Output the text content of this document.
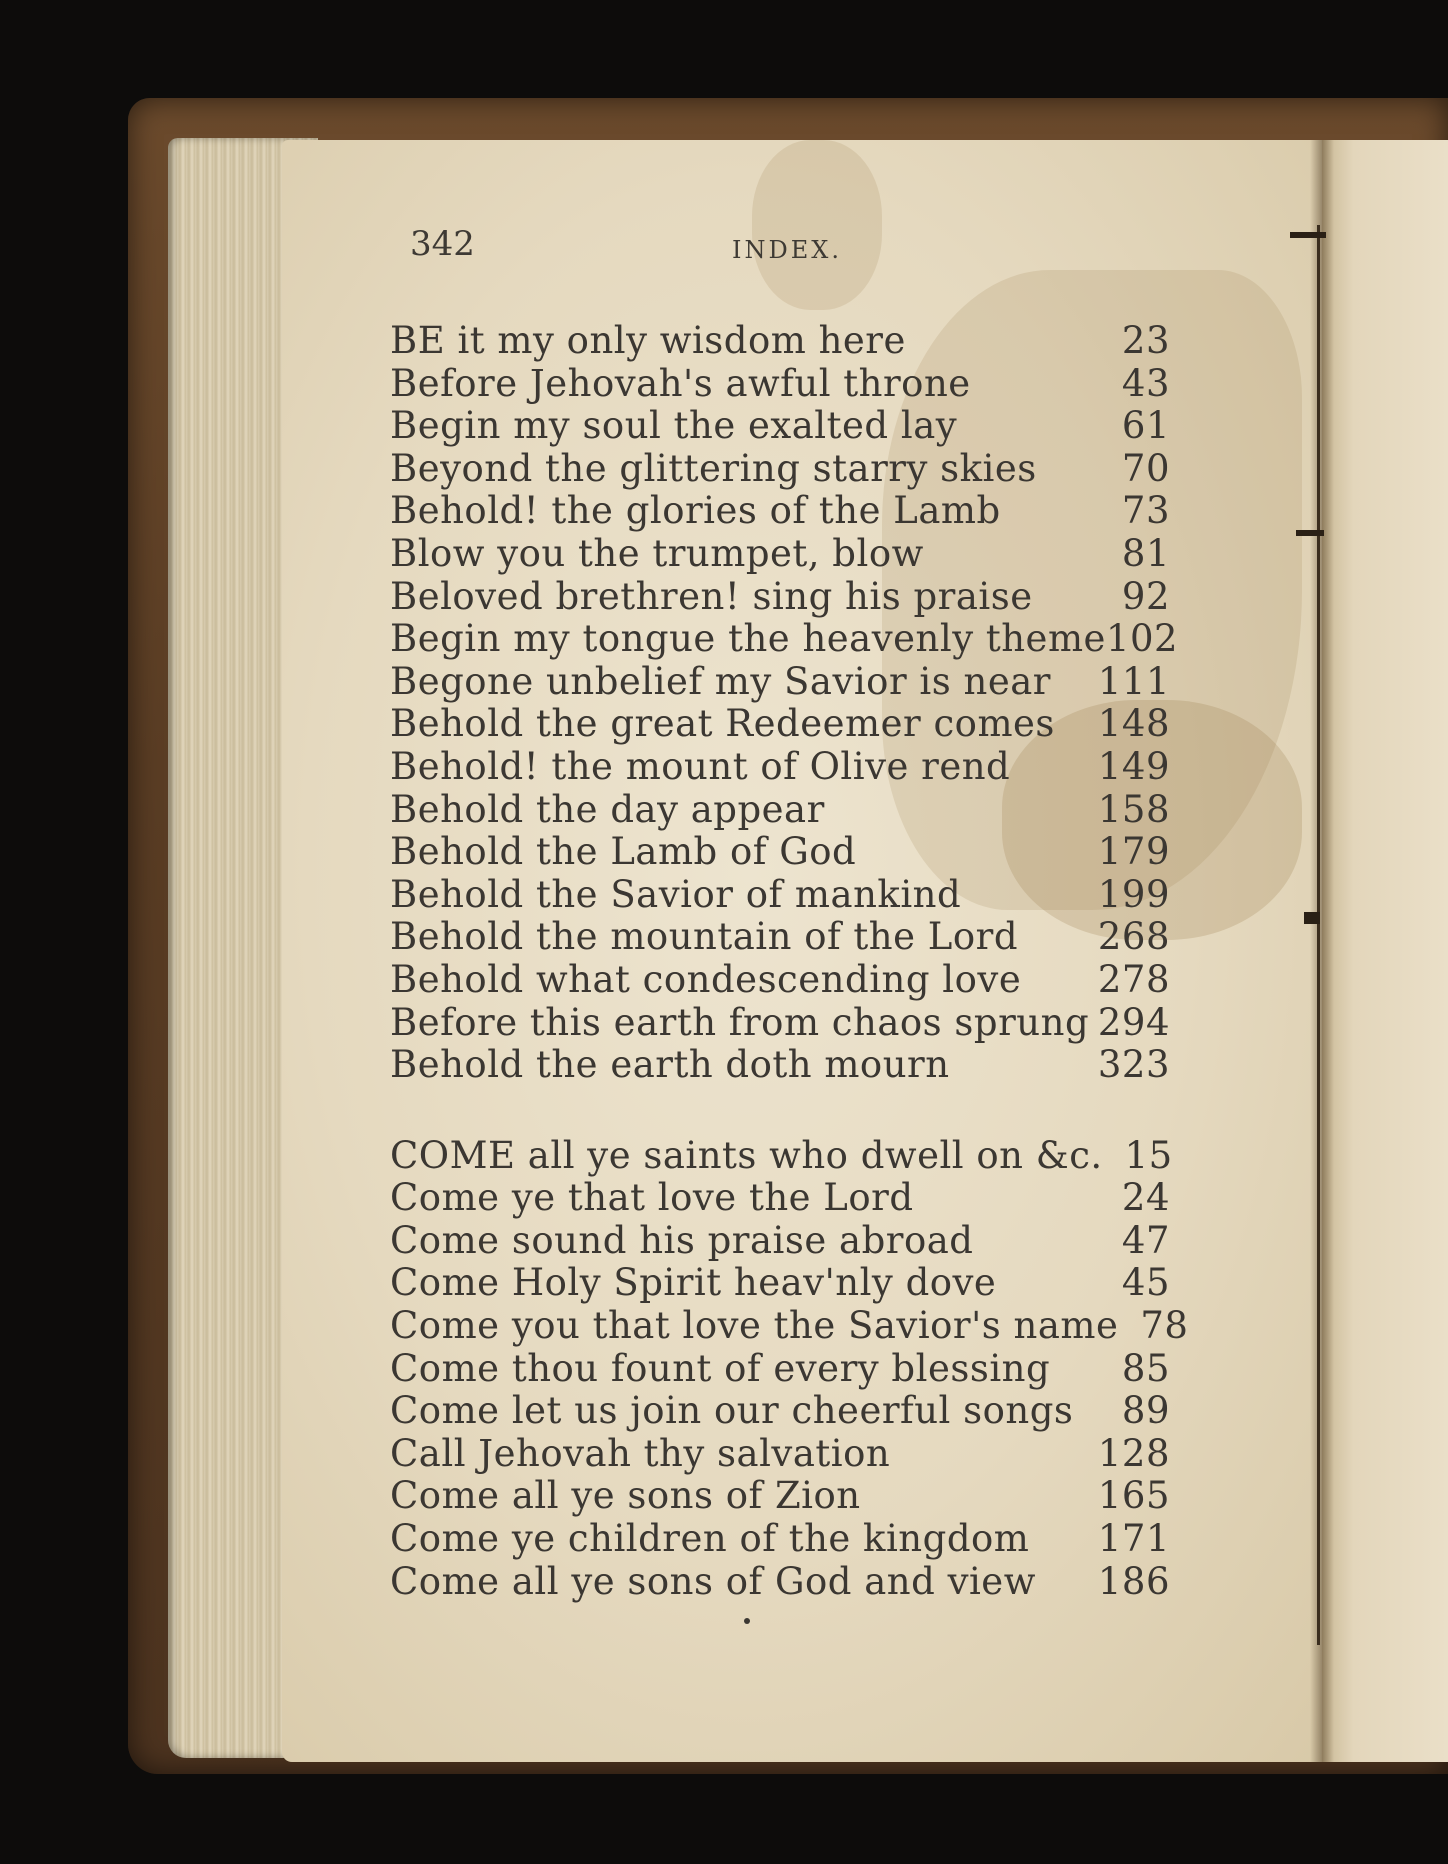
342	INDEX.
BE it my only wisdom here	23
Before Jehovah's awful throne	43
Begin my soul the exalted lay	61
Beyond the glittering starry skies	70
Behold! the glories of the Lamb	73
Blow you the trumpet, blow	81
Beloved brethren! sing his praise	92
Begin my tongue the heavenly theme 102
Begone unbelief my Savior is near 111
Behold the great Redeemer comes 148
Behold! the mount of Olive rend 149
Behold the day appear	158
Behold the Lamb of God	179
Behold the Savior of mankind	199
Behold the mountain of the Lord 268
Behold what condescending love 278
Before this earth from chaos sprung 294
Behold the earth doth mourn	323
COME all ye saints who dwell on &c. 15
Come ye that love the Lord	24
Come sound his praise abroad	47
Come Holy Spirit heav'nly dove	45
Come you that love the Savior's name 78
Come thou fount of every blessing	85
Come let us join our cheerful songs	89
Call Jehovah thy salvation	128
Come all ye sons of Zion	165
Come ye children of the kingdom 171
Come all ye sons of God and view 186
